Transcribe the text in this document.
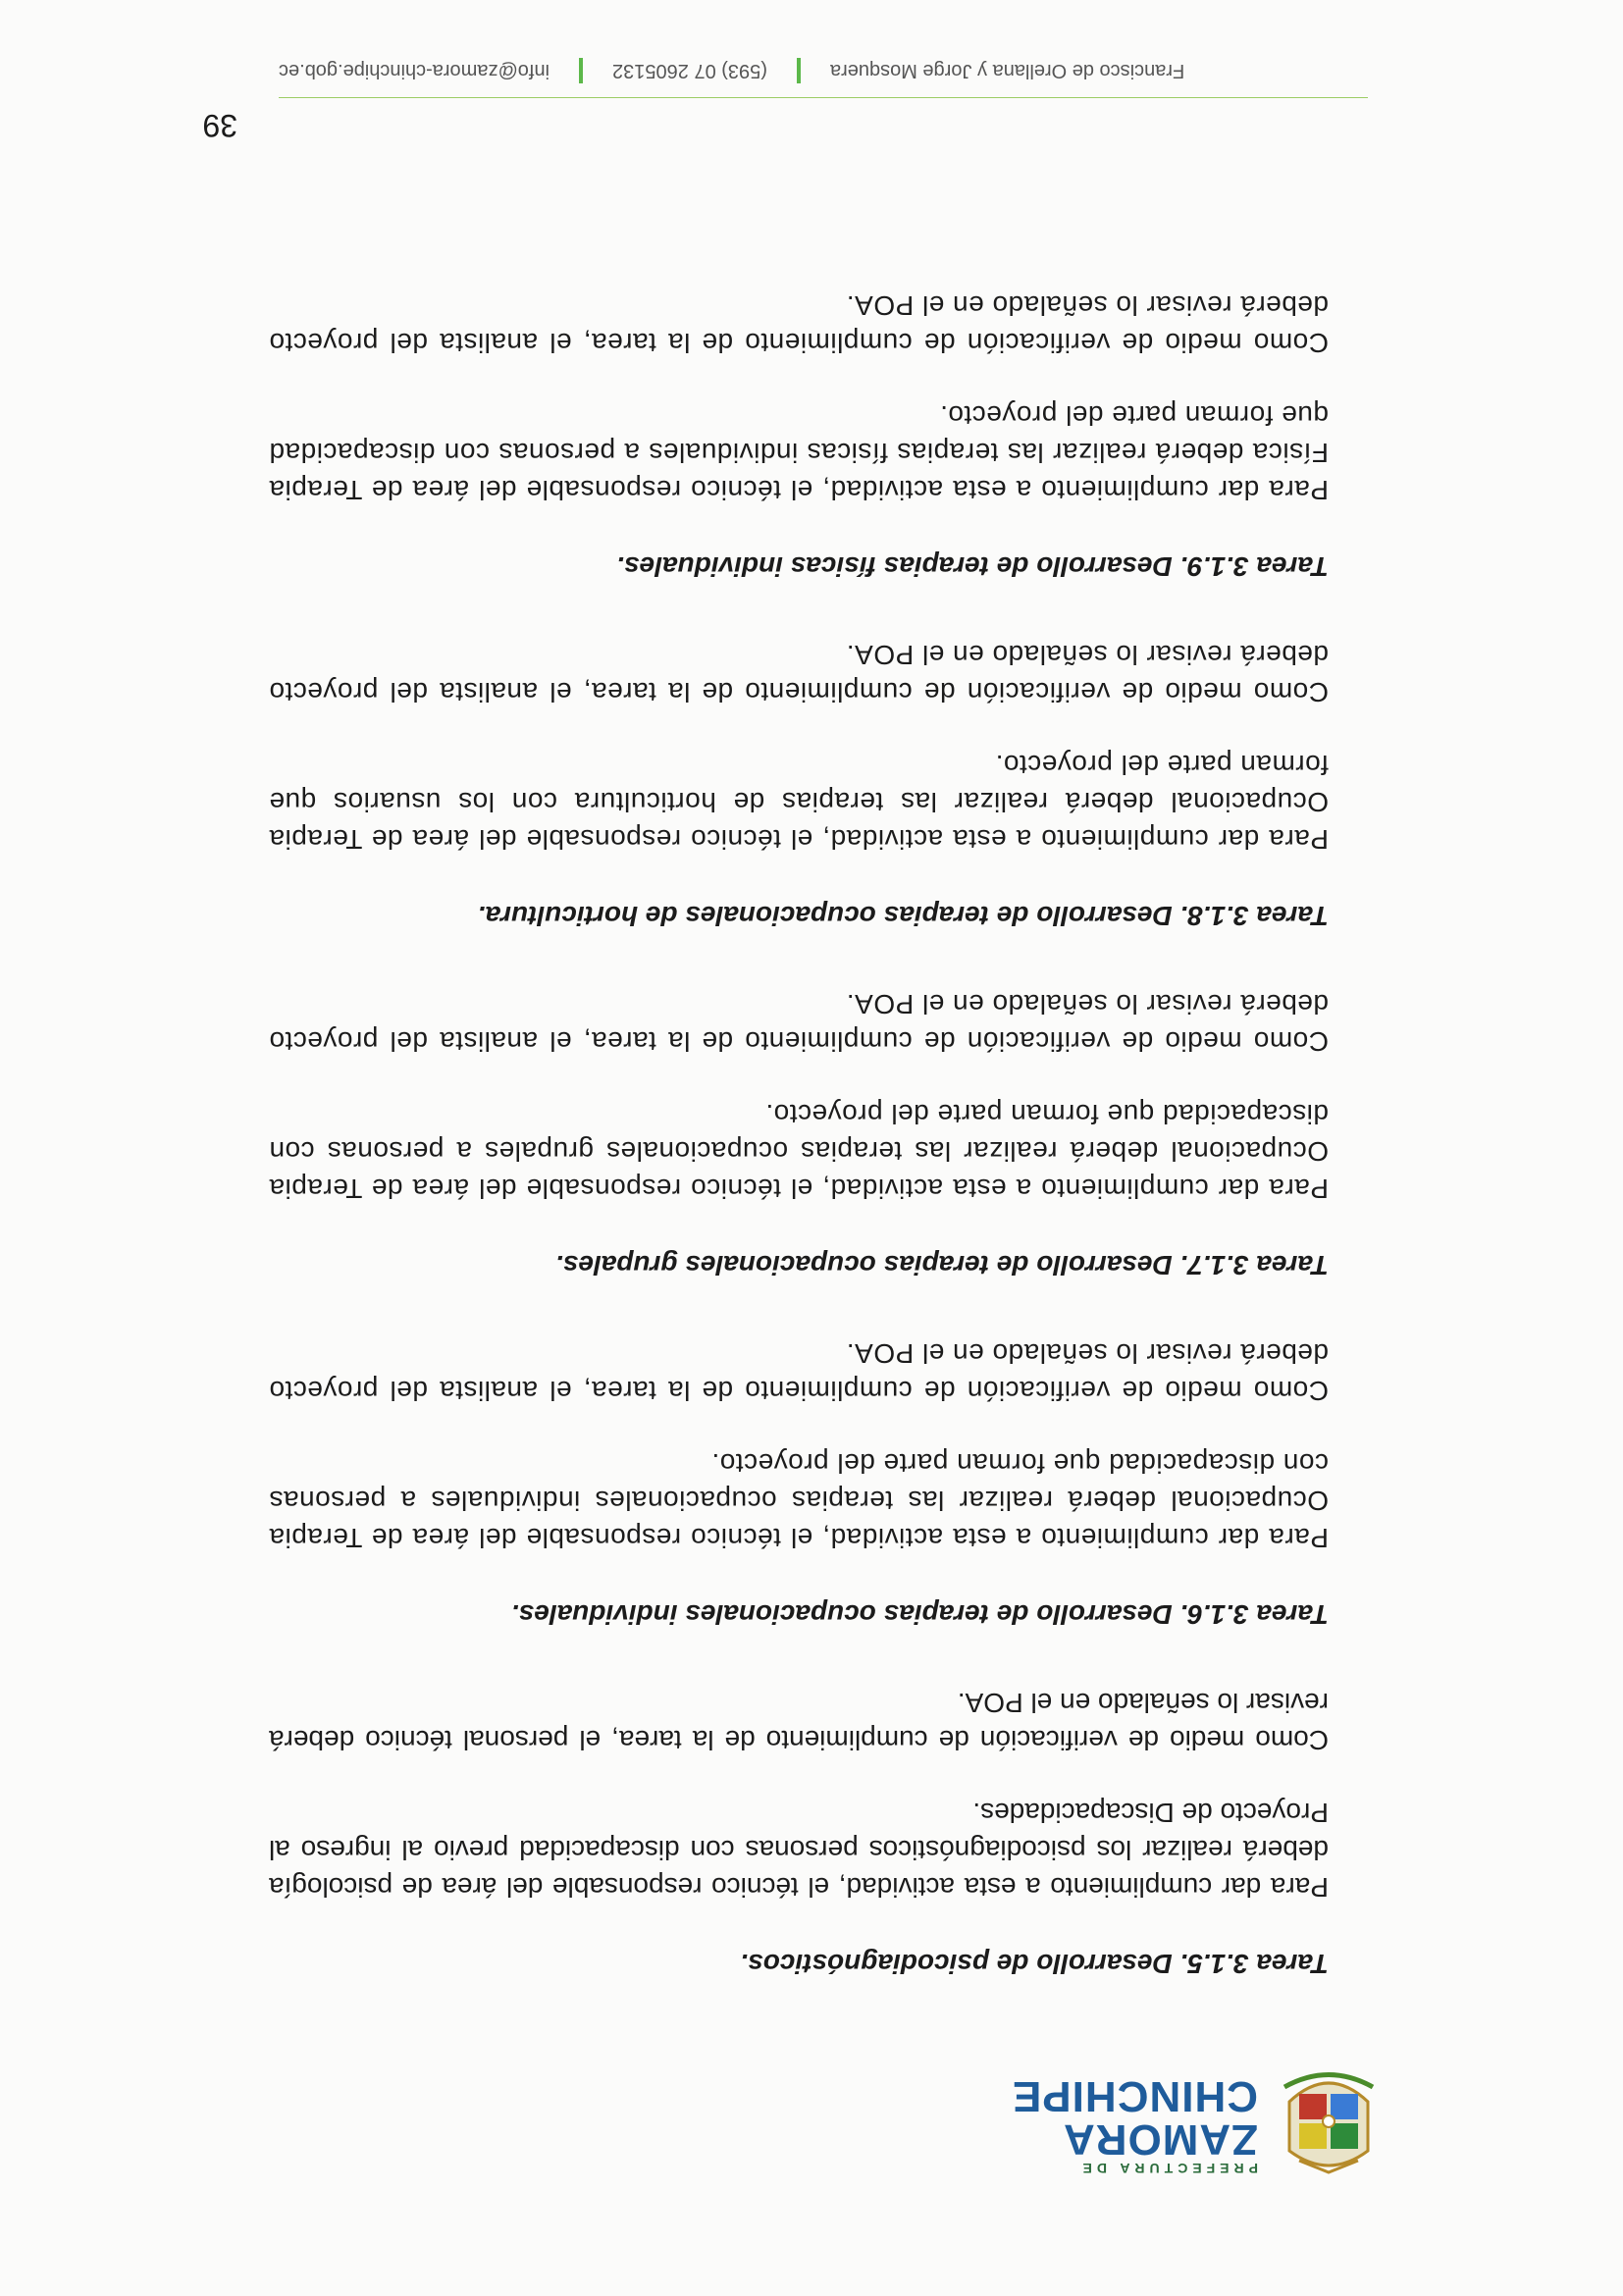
PREFECTURA DE
ZAMORA
CHINCHIPE
Tarea 3.1.5. Desarrollo de psicodiagnósticos.

Para dar cumplimiento a esta actividad, el técnico responsable del área de psicología deberá realizar los psicodiagnósticos personas con discapacidad previo al ingreso al Proyecto de Discapacidades.

Como medio de verificación de cumplimiento de la tarea, el personal técnico deberá revisar lo señalado en el POA.

Tarea 3.1.6. Desarrollo de terapias ocupacionales individuales.

Para dar cumplimiento a esta actividad, el técnico responsable del área de Terapia Ocupacional deberá realizar las terapias ocupacionales individuales a personas con discapacidad que forman parte del proyecto.

Como medio de verificación de cumplimiento de la tarea, el analista del proyecto deberá revisar lo señalado en el POA.

Tarea 3.1.7. Desarrollo de terapias ocupacionales grupales.

Para dar cumplimiento a esta actividad, el técnico responsable del área de Terapia Ocupacional deberá realizar las terapias ocupacionales grupales a personas con discapacidad que forman parte del proyecto.

Como medio de verificación de cumplimiento de la tarea, el analista del proyecto deberá revisar lo señalado en el POA.

Tarea 3.1.8. Desarrollo de terapias ocupacionales de horticultura.

Para dar cumplimiento a esta actividad, el técnico responsable del área de Terapia Ocupacional deberá realizar las terapias de horticultura con los usuarios que forman parte del proyecto.

Como medio de verificación de cumplimiento de la tarea, el analista del proyecto deberá revisar lo señalado en el POA.

Tarea 3.1.9. Desarrollo de terapias físicas individuales.

Para dar cumplimiento a esta actividad, el técnico responsable del área de Terapia Física deberá realizar las terapias físicas individuales a personas con discapacidad que forman parte del proyecto.

Como medio de verificación de cumplimiento de la tarea, el analista del proyecto deberá revisar lo señalado en el POA.

39
Francisco de Orellana y Jorge Mosquera
(593) 07 2605132
info@zamora-chinchipe.gob.ec
